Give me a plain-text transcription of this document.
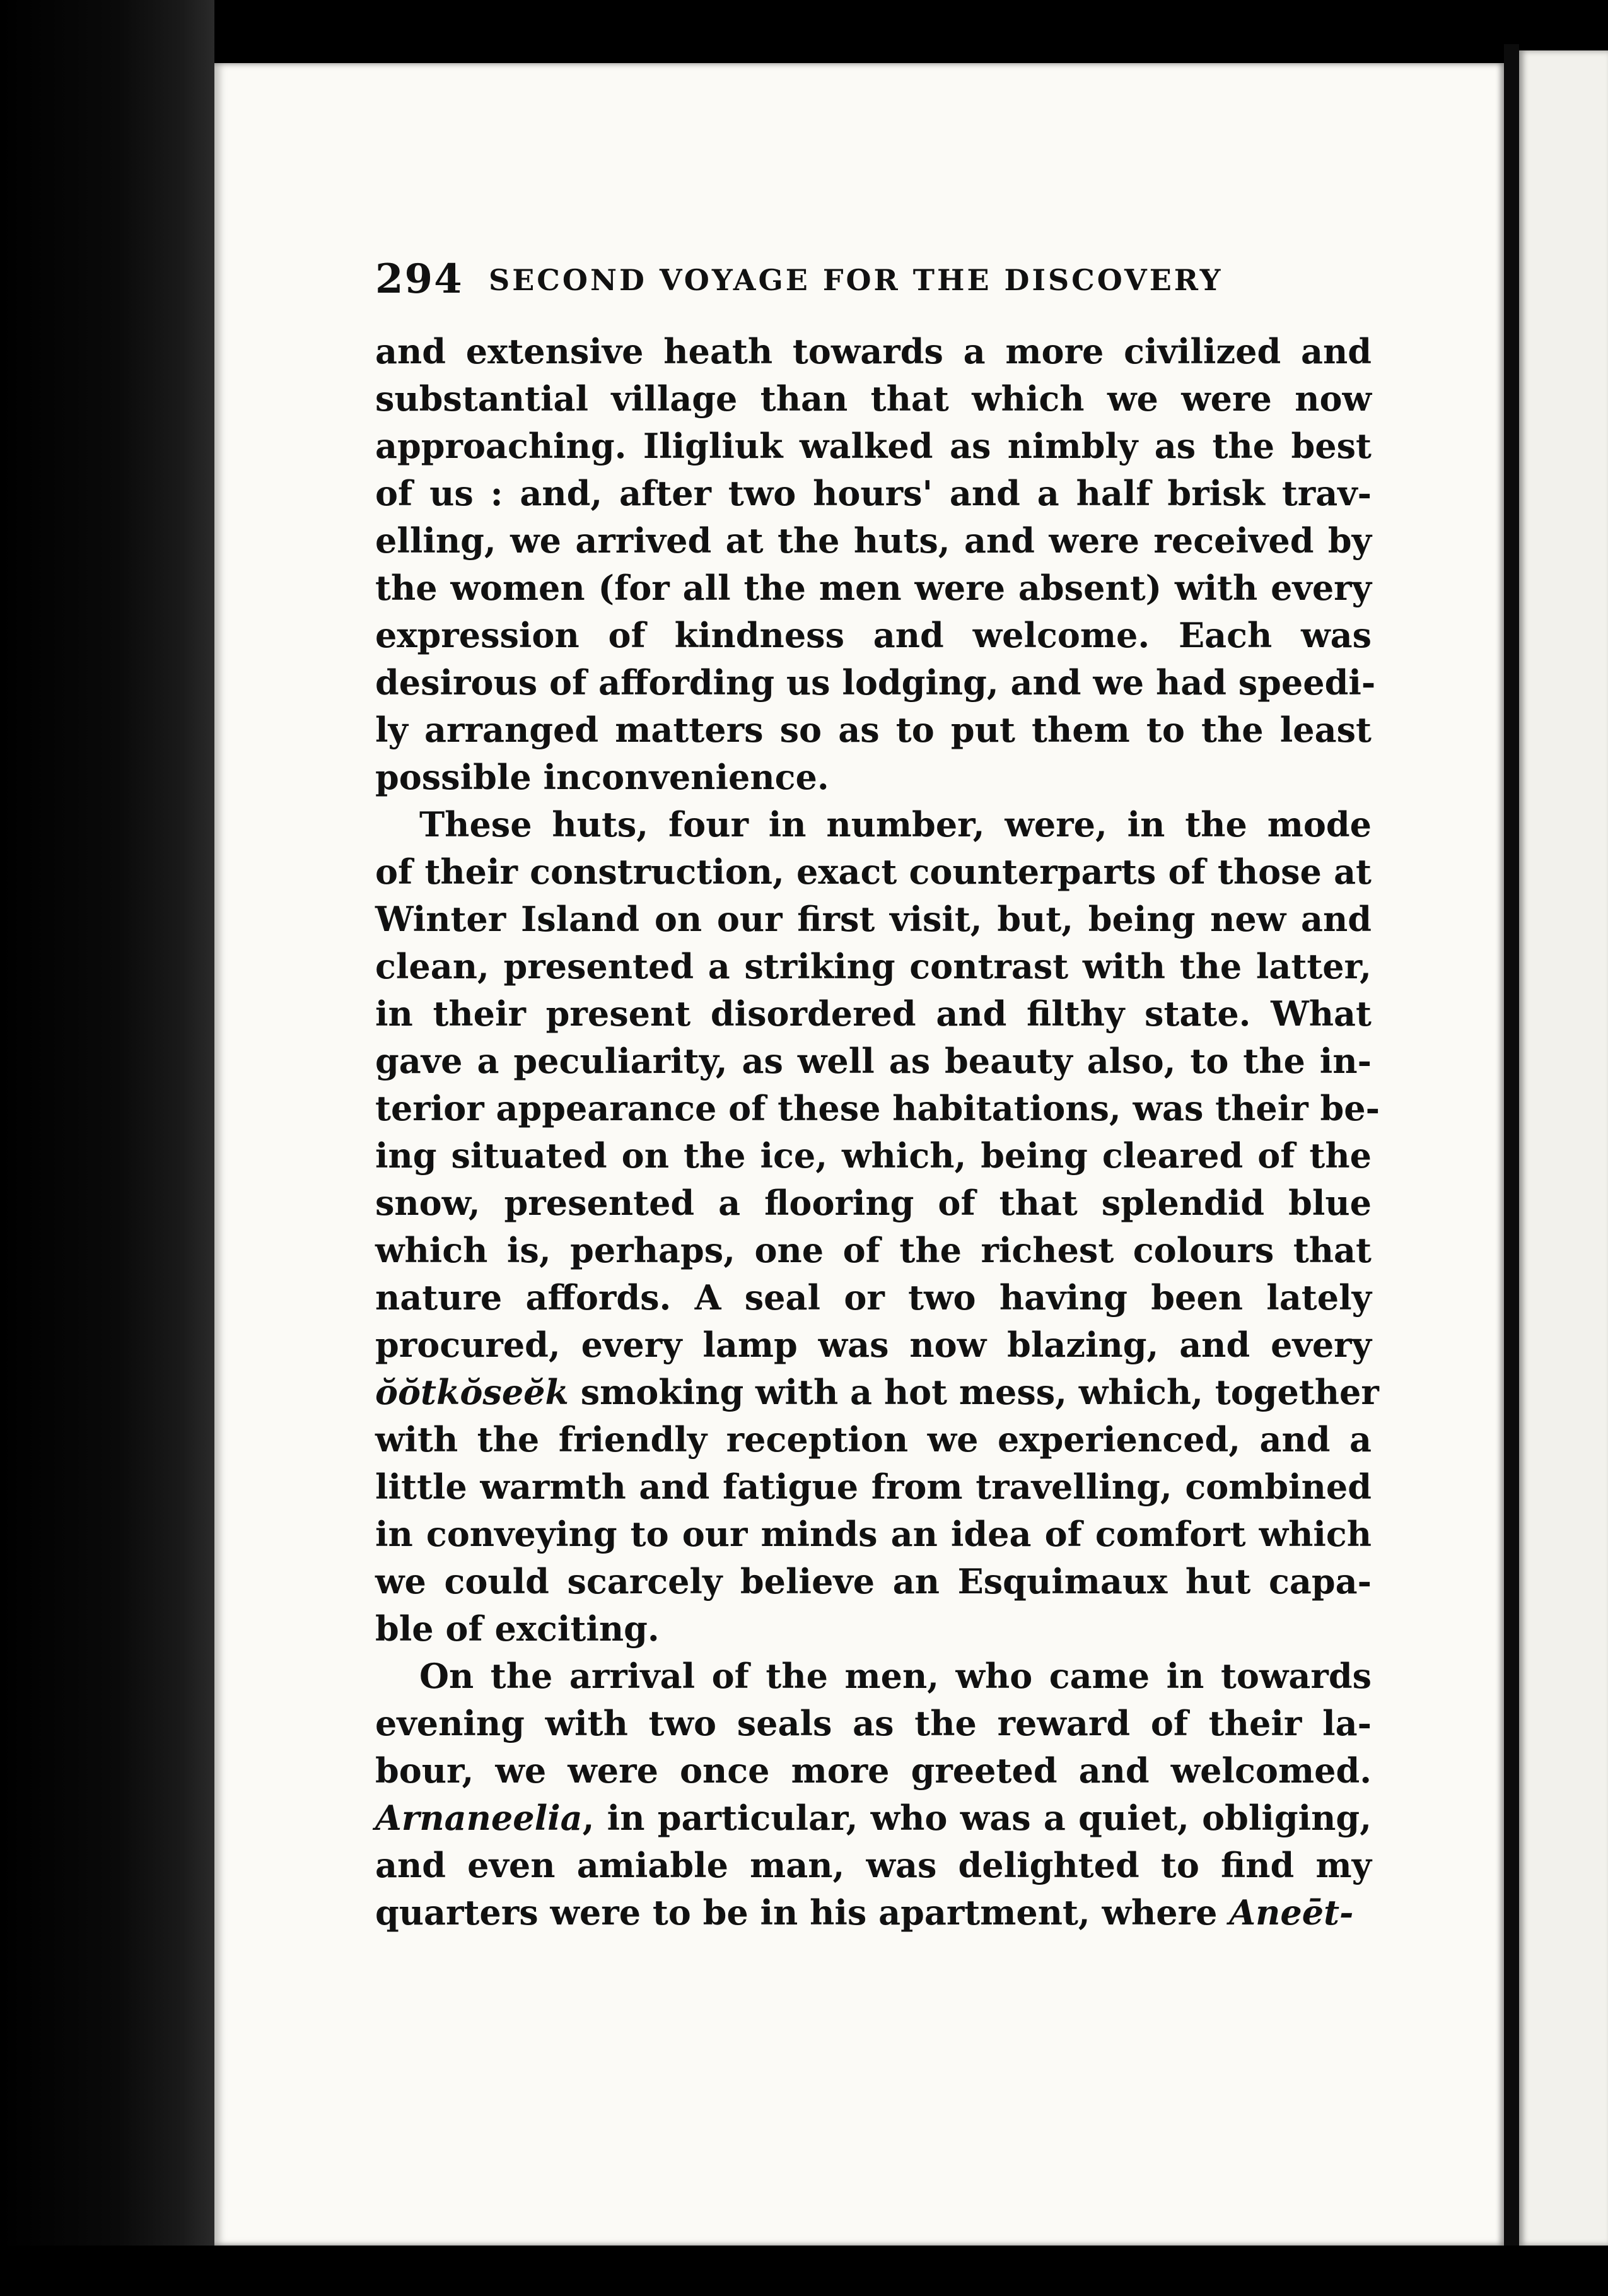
294 SECOND VOYAGE FOR THE DISCOVERY

and extensive heath towards a more civilized and
substantial village than that which we were now
approaching. Iligliuk walked as nimbly as the best
of us : and, after two hours' and a half brisk trav-
elling, we arrived at the huts, and were received by
the women (for all the men were absent) with every
expression of kindness and welcome. Each was
desirous of affording us lodging, and we had speedi-
ly arranged matters so as to put them to the least
possible inconvenience.

These huts, four in number, were, in the mode
of their construction, exact counterparts of those at
Winter Island on our first visit, but, being new and
clean, presented a striking contrast with the latter,
in their present disordered and filthy state. What
gave a peculiarity, as well as beauty also, to the in-
terior appearance of these habitations, was their be-
ing situated on the ice, which, being cleared of the
snow, presented a flooring of that splendid blue
which is, perhaps, one of the richest colours that
nature affords. A seal or two having been lately
procured, every lamp was now blazing, and every
ŏŏtkŏseĕk smoking with a hot mess, which, together
with the friendly reception we experienced, and a
little warmth and fatigue from travelling, combined
in conveying to our minds an idea of comfort which
we could scarcely believe an Esquimaux hut capa-
ble of exciting.

On the arrival of the men, who came in towards
evening with two seals as the reward of their la-
bour, we were once more greeted and welcomed.
Arnaneelia, in particular, who was a quiet, obliging,
and even amiable man, was delighted to find my
quarters were to be in his apartment, where Aneēt-
